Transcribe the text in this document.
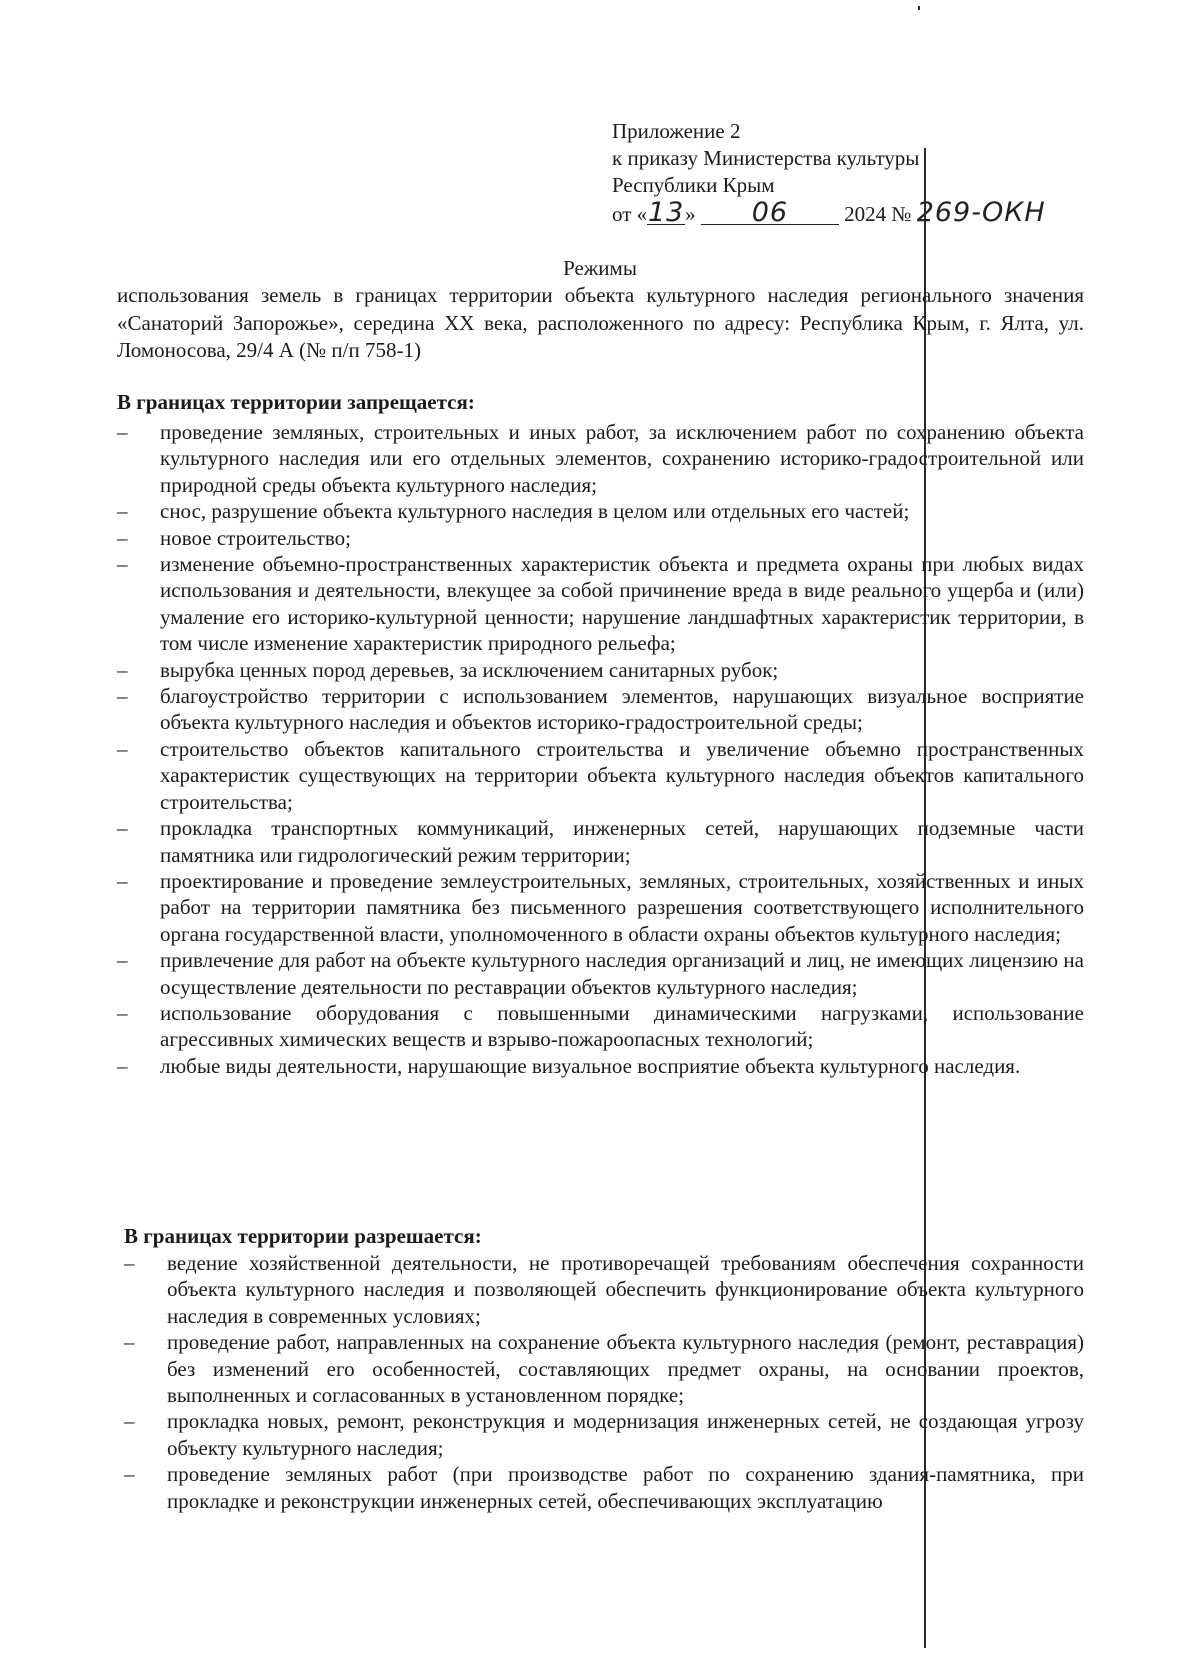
Приложение 2
к приказу Министерства культуры
Республики Крым
от «13» 06	2024 № 269-ОКН
Режимы
использования земель в границах территории объекта культурного наследия регионального значения «Санаторий Запорожье», середина XX века, расположенного по адресу: Республика Крым, г. Ялта, ул. Ломоносова, 29/4 А (№ п/п 758-1)
В границах территории запрещается:
– проведение земляных, строительных и иных работ, за исключением работ по сохранению объекта культурного наследия или его отдельных элементов, сохранению историко-градостроительной или природной среды объекта культурного наследия;
– снос, разрушение объекта культурного наследия в целом или отдельных его частей;
– новое строительство;
– изменение объемно-пространственных характеристик объекта и предмета охраны при любых видах использования и деятельности, влекущее за собой причинение вреда в виде реального ущерба и (или) умаление его историко-культурной ценности; нарушение ландшафтных характеристик территории, в том числе изменение характеристик природного рельефа;
– вырубка ценных пород деревьев, за исключением санитарных рубок;
– благоустройство территории с использованием элементов, нарушающих визуальное восприятие объекта культурного наследия и объектов историко-градостроительной среды;
– строительство объектов капитального строительства и увеличение объемно пространственных характеристик существующих на территории объекта культурного наследия объектов капитального строительства;
– прокладка транспортных коммуникаций, инженерных сетей, нарушающих подземные части памятника или гидрологический режим территории;
– проектирование и проведение землеустроительных, земляных, строительных, хозяйственных и иных работ на территории памятника без письменного разрешения соответствующего исполнительного органа государственной власти, уполномоченного в области охраны объектов культурного наследия;
– привлечение для работ на объекте культурного наследия организаций и лиц, не имеющих лицензию на осуществление деятельности по реставрации объектов культурного наследия;
– использование оборудования с повышенными динамическими нагрузками, использование агрессивных химических веществ и взрыво-пожароопасных технологий;
– любые виды деятельности, нарушающие визуальное восприятие объекта культурного наследия.
В границах территории разрешается:
– ведение хозяйственной деятельности, не противоречащей требованиям обеспечения сохранности объекта культурного наследия и позволяющей обеспечить функционирование объекта культурного наследия в современных условиях;
– проведение работ, направленных на сохранение объекта культурного наследия (ремонт, реставрация) без изменений его особенностей, составляющих предмет охраны, на основании проектов, выполненных и согласованных в установленном порядке;
– прокладка новых, ремонт, реконструкция и модернизация инженерных сетей, не создающая угрозу объекту культурного наследия;
– проведение земляных работ (при производстве работ по сохранению здания-памятника, при прокладке и реконструкции инженерных сетей, обеспечивающих эксплуатацию
